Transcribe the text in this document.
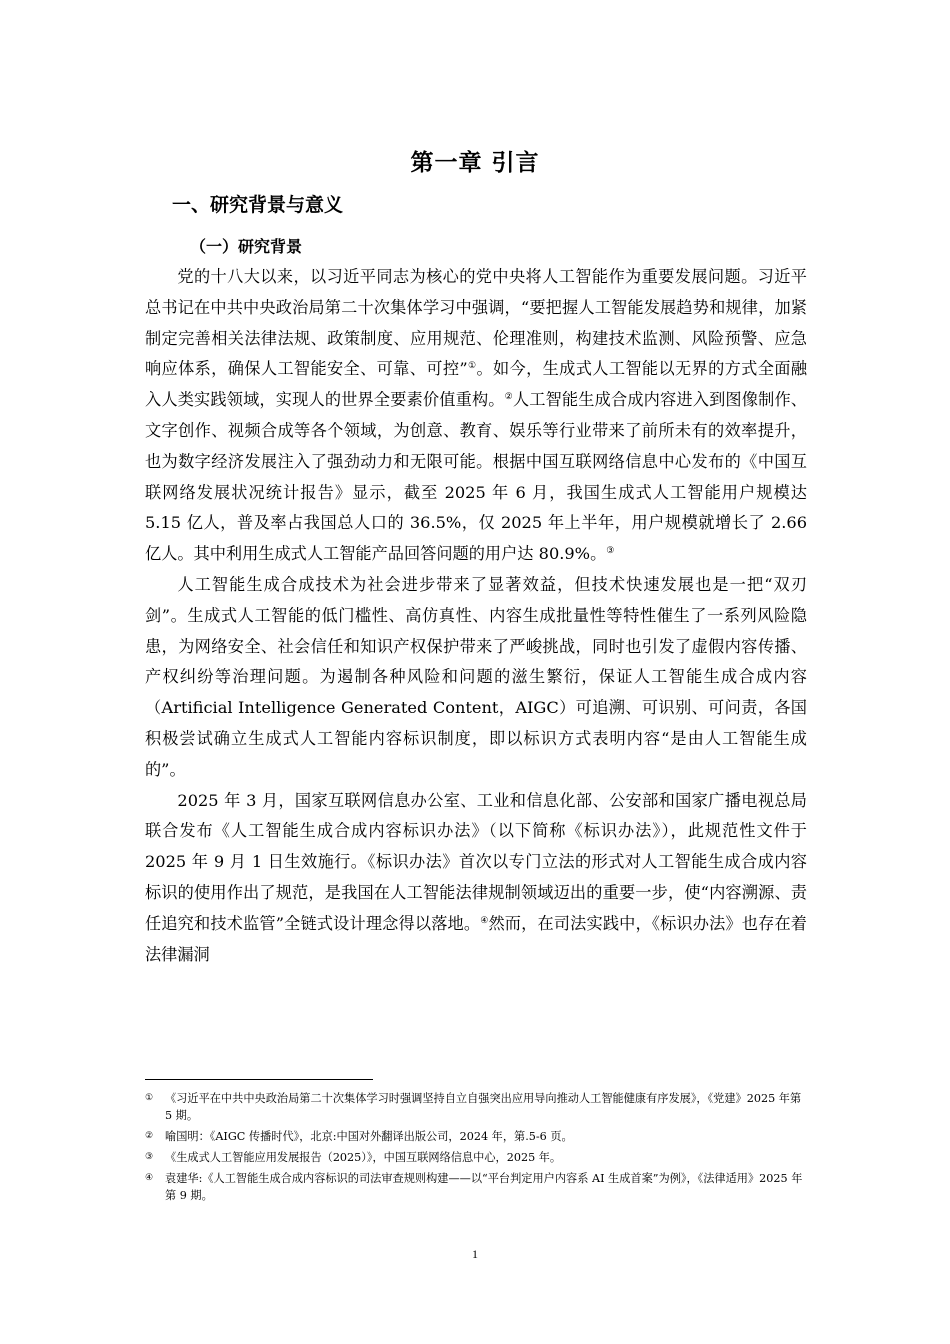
第一章 引言
一、研究背景与意义
（一）研究背景

党的十八大以来，以习近平同志为核心的党中央将人工智能作为重要发展问题。习近平总书记在中共中央政治局第二十次集体学习中强调，“要把握人工智能发展趋势和规律，加紧制定完善相关法律法规、政策制度、应用规范、伦理准则，构建技术监测、风险预警、应急响应体系，确保人工智能安全、可靠、可控”①。如今，生成式人工智能以无界的方式全面融入人类实践领域，实现人的世界全要素价值重构。②人工智能生成合成内容进入到图像制作、文字创作、视频合成等各个领域，为创意、教育、娱乐等行业带来了前所未有的效率提升，也为数字经济发展注入了强劲动力和无限可能。根据中国互联网络信息中心发布的《中国互联网络发展状况统计报告》显示，截至 2025 年 6 月，我国生成式人工智能用户规模达 5.15 亿人，普及率占我国总人口的 36.5%，仅 2025 年上半年，用户规模就增长了 2.66 亿人。其中利用生成式人工智能产品回答问题的用户达 80.9%。③

人工智能生成合成技术为社会进步带来了显著效益，但技术快速发展也是一把“双刃剑”。生成式人工智能的低门槛性、高仿真性、内容生成批量性等特性催生了一系列风险隐患，为网络安全、社会信任和知识产权保护带来了严峻挑战，同时也引发了虚假内容传播、产权纠纷等治理问题。为遏制各种风险和问题的滋生繁衍，保证人工智能生成合成内容（Artificial Intelligence Generated Content，AIGC）可追溯、可识别、可问责，各国积极尝试确立生成式人工智能内容标识制度，即以标识方式表明内容“是由人工智能生成的”。

2025 年 3 月，国家互联网信息办公室、工业和信息化部、公安部和国家广播电视总局联合发布《人工智能生成合成内容标识办法》（以下简称《标识办法》），此规范性文件于 2025 年 9 月 1 日生效施行。《标识办法》首次以专门立法的形式对人工智能生成合成内容标识的使用作出了规范，是我国在人工智能法律规制领域迈出的重要一步，使“内容溯源、责任追究和技术监管”全链式设计理念得以落地。④然而，在司法实践中，《标识办法》也存在着法律漏洞

①	《习近平在中共中央政治局第二十次集体学习时强调坚持自立自强突出应用导向推动人工智能健康有序发展》，《党建》2025 年第 5 期。
②	喻国明：《AIGC 传播时代》，北京:中国对外翻译出版公司，2024 年，第.5-6 页。
③	《生成式人工智能应用发展报告（2025）》，中国互联网络信息中心，2025 年。
④	袁建华:《人工智能生成合成内容标识的司法审查规则构建——以“平台判定用户内容系 AI 生成首案”为例》，《法律适用》2025 年第 9 期。
1
